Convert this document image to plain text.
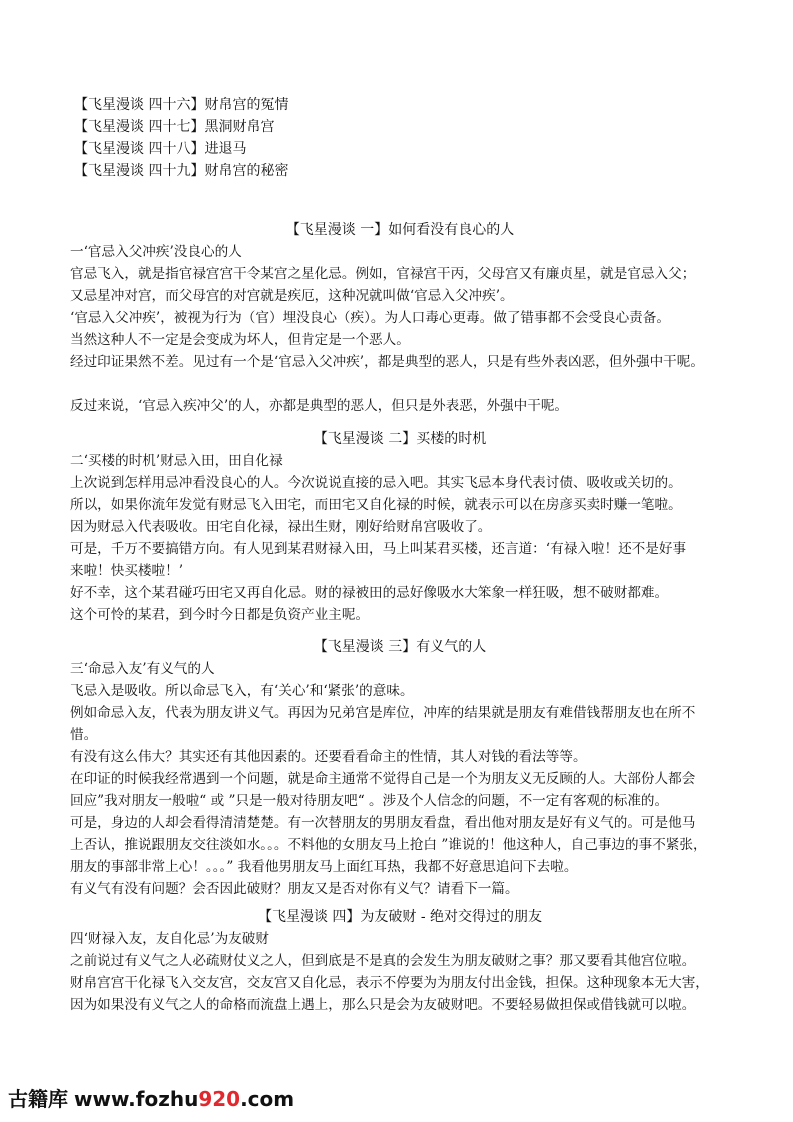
【飞星漫谈 四十六】财帛宫的冤情
【飞星漫谈 四十七】黑洞财帛宫
【飞星漫谈 四十八】进退马
【飞星漫谈 四十九】财帛宫的秘密
【飞星漫谈 一】如何看没有良心的人
一‘官忌入父冲疾’没良心的人
官忌飞入，就是指官禄宫宫干令某宫之星化忌。例如，官禄宫干丙，父母宫又有廉贞星，就是官忌入父；
又忌星冲对宫，而父母宫的对宫就是疾厄，这种况就叫做‘官忌入父冲疾’。
‘官忌入父冲疾’，被视为行为（官）埋没良心（疾）。为人口毒心更毒。做了错事都不会受良心责备。
当然这种人不一定是会变成为坏人，但肯定是一个恶人。
经过印证果然不差。见过有一个是‘官忌入父冲疾’，都是典型的恶人，只是有些外表凶恶，但外强中干呢。
反过来说，‘官忌入疾冲父’的人，亦都是典型的恶人，但只是外表恶，外强中干呢。
【飞星漫谈 二】买楼的时机
二‘买楼的时机’财忌入田，田自化禄
上次说到怎样用忌冲看没良心的人。今次说说直接的忌入吧。其实飞忌本身代表讨债、吸收或关切的。
所以，如果你流年发觉有财忌飞入田宅，而田宅又自化禄的时候，就表示可以在房彦买卖时赚一笔啦。
因为财忌入代表吸收。田宅自化禄，禄出生财，刚好给财帛宫吸收了。
可是，千万不要搞错方向。有人见到某君财禄入田，马上叫某君买楼，还言道：‘有禄入啦！还不是好事
来啦！快买楼啦！’
好不幸，这个某君碰巧田宅又再自化忌。财的禄被田的忌好像吸水大笨象一样狂吸，想不破财都难。
这个可怜的某君，到今时今日都是负资产业主呢。
【飞星漫谈 三】有义气的人
三‘命忌入友’有义气的人
飞忌入是吸收。所以命忌飞入，有‘关心’和‘紧张’的意味。
例如命忌入友，代表为朋友讲义气。再因为兄弟宫是库位，冲库的结果就是朋友有难借钱帮朋友也在所不
惜。
有没有这么伟大？其实还有其他因素的。还要看看命主的性情，其人对钱的看法等等。
在印证的时候我经常遇到一个问题，就是命主通常不觉得自己是一个为朋友义无反顾的人。大部份人都会
回应”我对朋友一般啦“ 或 ”只是一般对待朋友吧“ 。涉及个人信念的问题，不一定有客观的标准的。
可是，身边的人却会看得清清楚楚。有一次替朋友的男朋友看盘，看出他对朋友是好有义气的。可是他马
上否认，推说跟朋友交往淡如水。。。不料他的女朋友马上抢白 ”谁说的！他这种人，自己事边的事不紧张，
朋友的事部非常上心！。。。” 我看他男朋友马上面红耳热，我都不好意思追问下去啦。
有义气有没有问题？会否因此破财？朋友又是否对你有义气？请看下一篇。
【飞星漫谈 四】为友破财 - 绝对交得过的朋友
四‘财禄入友，友自化忌’为友破财
之前说过有义气之人必疏财仗义之人，但到底是不是真的会发生为朋友破财之事？那又要看其他宫位啦。
财帛宫宫干化禄飞入交友宫，交友宫又自化忌，表示不停要为为朋友付出金钱，担保。这种现象本无大害，
因为如果没有义气之人的命格而流盘上遇上，那么只是会为友破财吧。不要轻易做担保或借钱就可以啦。
古籍库 www.fozhu920.com
